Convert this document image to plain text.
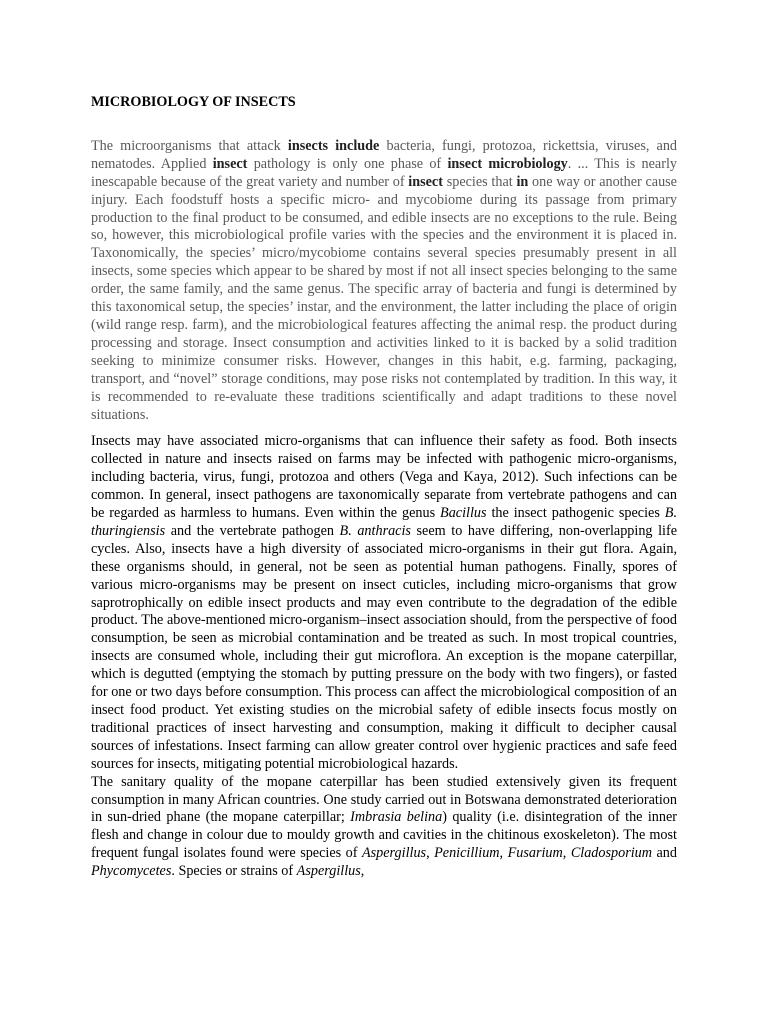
MICROBIOLOGY OF INSECTS

The microorganisms that attack insects include bacteria, fungi, protozoa, rickettsia, viruses, and nematodes. Applied insect pathology is only one phase of insect microbiology. ... This is nearly inescapable because of the great variety and number of insect species that in one way or another cause injury. Each foodstuff hosts a specific micro- and mycobiome during its passage from primary production to the final product to be consumed, and edible insects are no exceptions to the rule. Being so, however, this microbiological profile varies with the species and the environment it is placed in. Taxonomically, the species’ micro/mycobiome contains several species presumably present in all insects, some species which appear to be shared by most if not all insect species belonging to the same order, the same family, and the same genus. The specific array of bacteria and fungi is determined by this taxonomical setup, the species’ instar, and the environment, the latter including the place of origin (wild range resp. farm), and the microbiological features affecting the animal resp. the product during processing and storage. Insect consumption and activities linked to it is backed by a solid tradition seeking to minimize consumer risks. However, changes in this habit, e.g. farming, packaging, transport, and “novel” storage conditions, may pose risks not contemplated by tradition. In this way, it is recommended to re-evaluate these traditions scientifically and adapt traditions to these novel situations.

Insects may have associated micro-organisms that can influence their safety as food. Both insects collected in nature and insects raised on farms may be infected with pathogenic micro-organisms, including bacteria, virus, fungi, protozoa and others (Vega and Kaya, 2012). Such infections can be common. In general, insect pathogens are taxonomically separate from vertebrate pathogens and can be regarded as harmless to humans. Even within the genus Bacillus the insect pathogenic species B. thuringiensis and the vertebrate pathogen B. anthracis seem to have differing, non-overlapping life cycles. Also, insects have a high diversity of associated micro-organisms in their gut flora. Again, these organisms should, in general, not be seen as potential human pathogens. Finally, spores of various micro-organisms may be present on insect cuticles, including micro-organisms that grow saprotrophically on edible insect products and may even contribute to the degradation of the edible product. The above-mentioned micro-organism–insect association should, from the perspective of food consumption, be seen as microbial contamination and be treated as such. In most tropical countries, insects are consumed whole, including their gut microflora. An exception is the mopane caterpillar, which is degutted (emptying the stomach by putting pressure on the body with two fingers), or fasted for one or two days before consumption. This process can affect the microbiological composition of an insect food product. Yet existing studies on the microbial safety of edible insects focus mostly on traditional practices of insect harvesting and consumption, making it difficult to decipher causal sources of infestations. Insect farming can allow greater control over hygienic practices and safe feed sources for insects, mitigating potential microbiological hazards.

The sanitary quality of the mopane caterpillar has been studied extensively given its frequent consumption in many African countries. One study carried out in Botswana demonstrated deterioration in sun-dried phane (the mopane caterpillar; Imbrasia belina) quality (i.e. disintegration of the inner flesh and change in colour due to mouldy growth and cavities in the chitinous exoskeleton). The most frequent fungal isolates found were species of Aspergillus, Penicillium, Fusarium, Cladosporium and Phycomycetes. Species or strains of Aspergillus,
